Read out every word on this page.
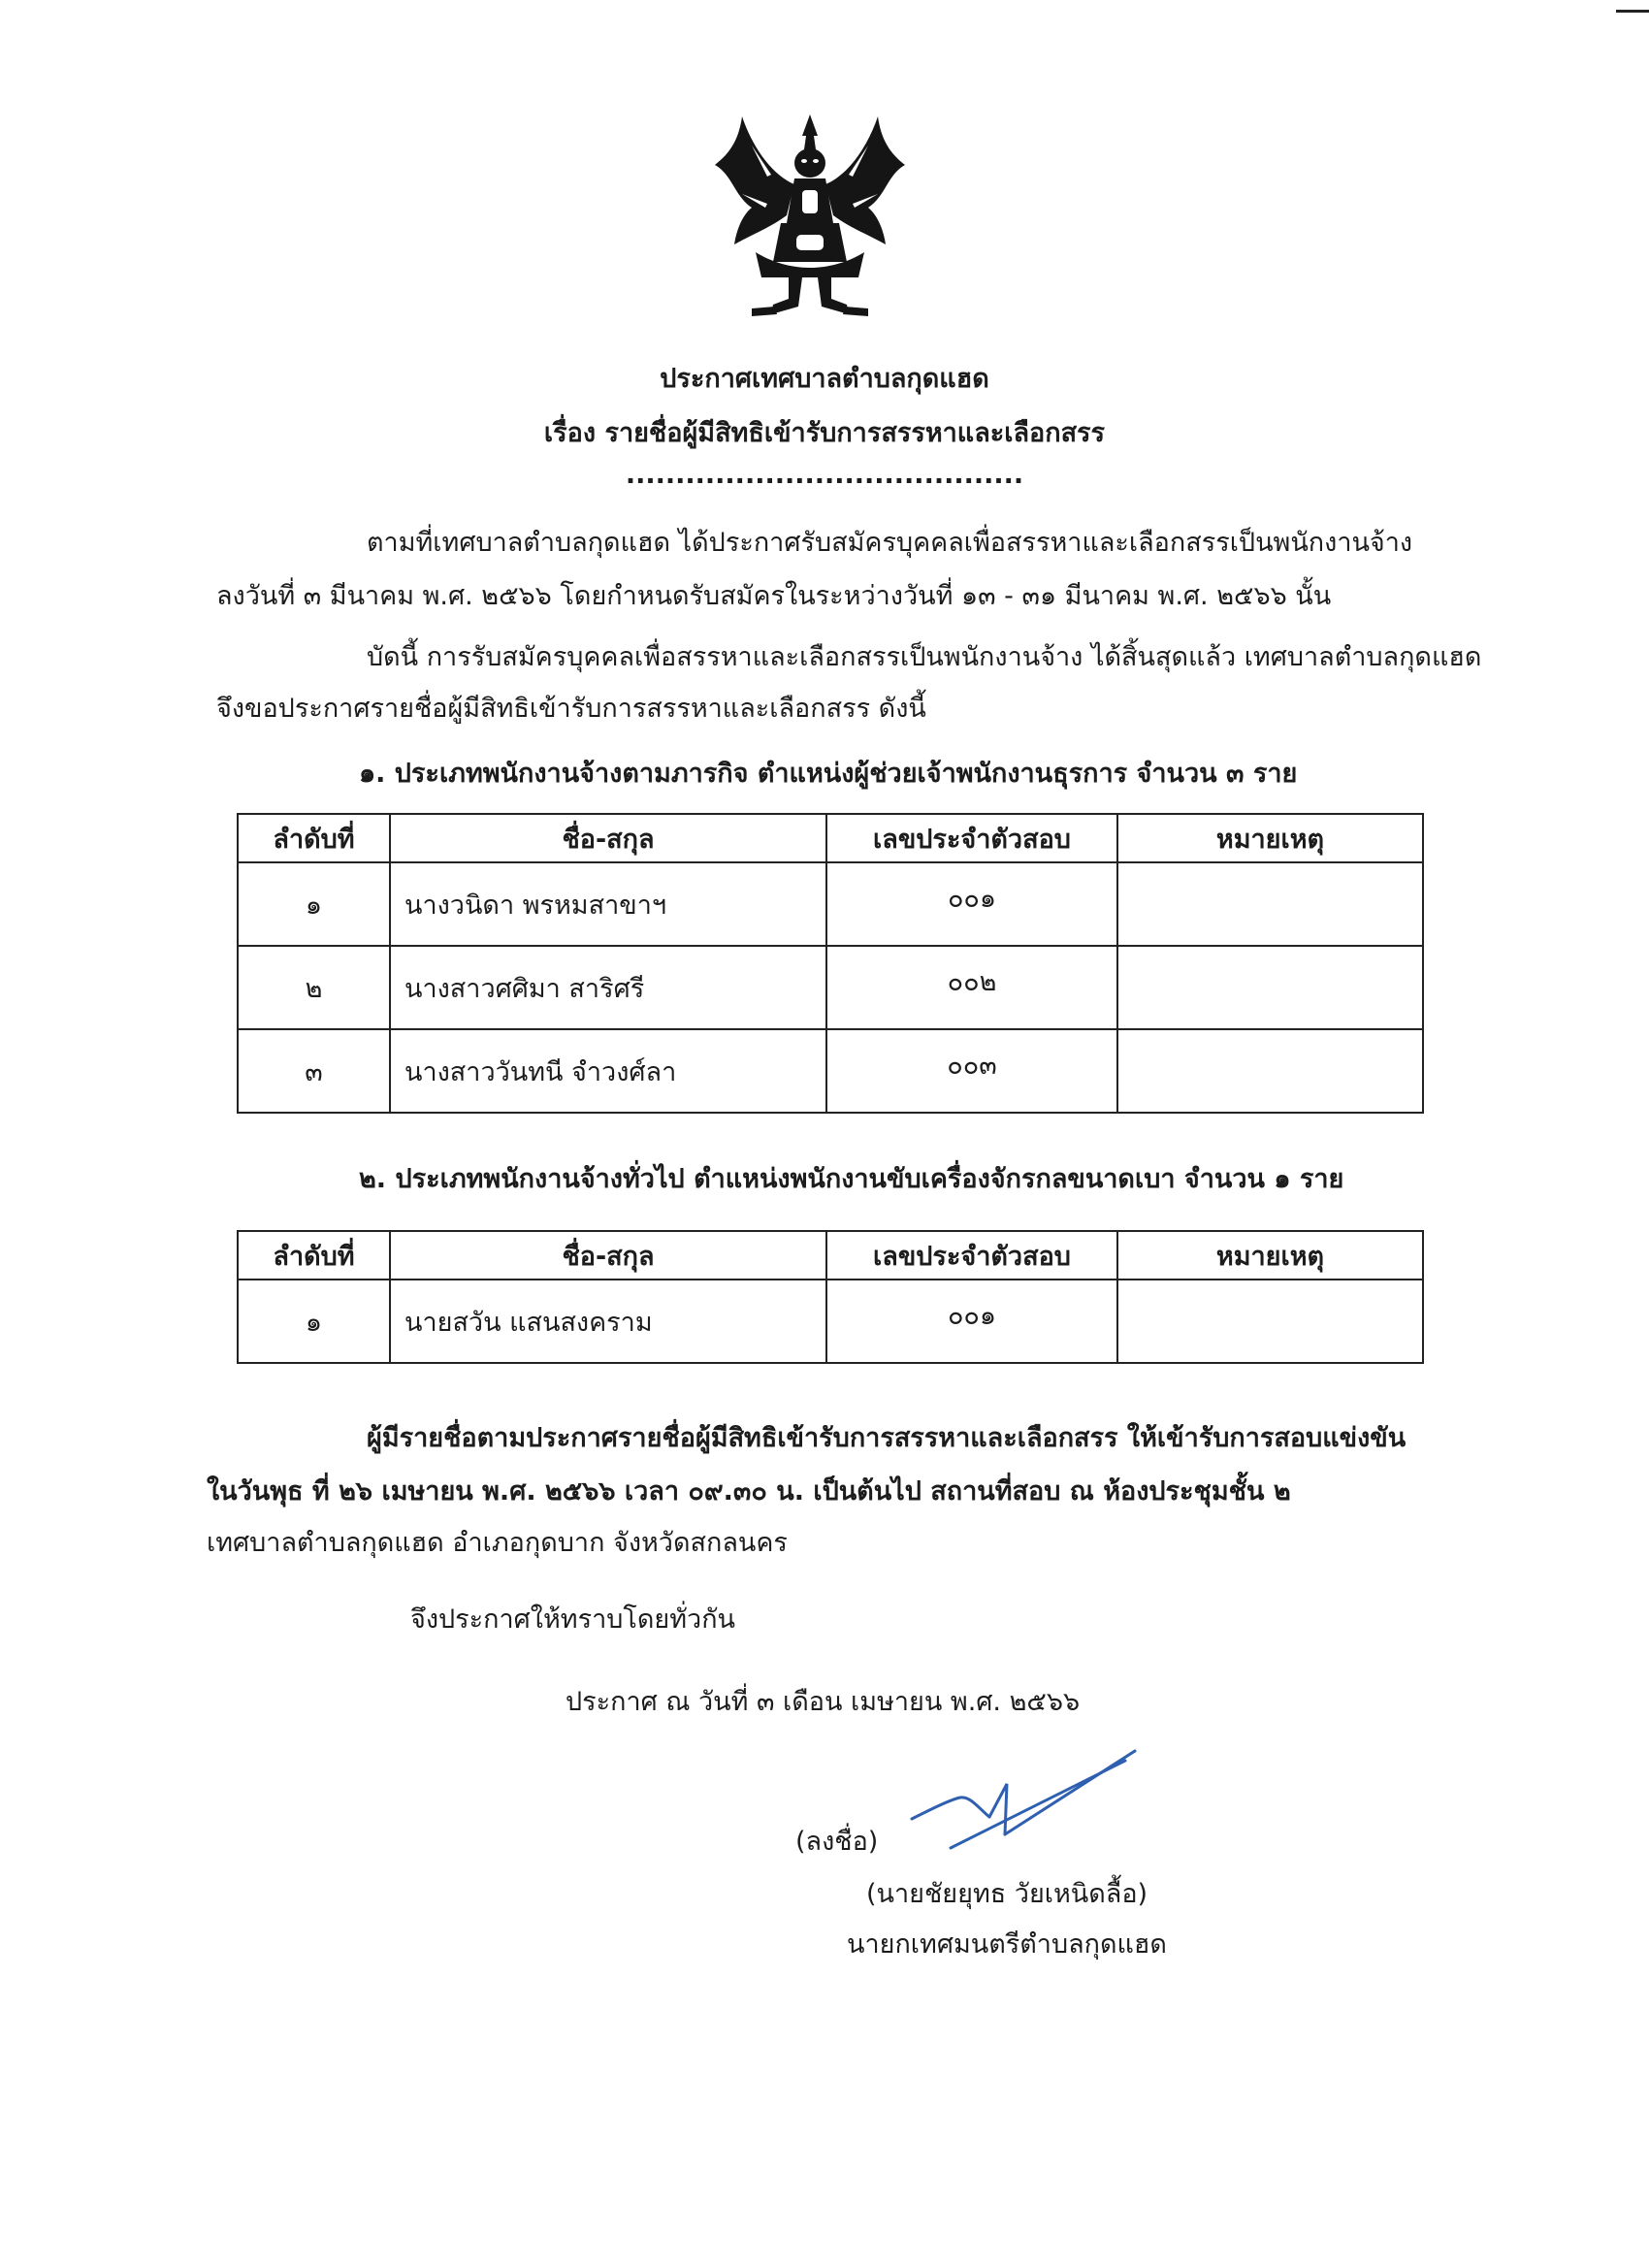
ประกาศเทศบาลตำบลกุดแฮด
เรื่อง รายชื่อผู้มีสิทธิเข้ารับการสรรหาและเลือกสรร
........................................
ตามที่เทศบาลตำบลกุดแฮด ได้ประกาศรับสมัครบุคคลเพื่อสรรหาและเลือกสรรเป็นพนักงานจ้าง
ลงวันที่ ๓ มีนาคม พ.ศ. ๒๕๖๖ โดยกำหนดรับสมัครในระหว่างวันที่ ๑๓ - ๓๑ มีนาคม พ.ศ. ๒๕๖๖ นั้น
บัดนี้ การรับสมัครบุคคลเพื่อสรรหาและเลือกสรรเป็นพนักงานจ้าง ได้สิ้นสุดแล้ว เทศบาลตำบลกุดแฮด
จึงขอประกาศรายชื่อผู้มีสิทธิเข้ารับการสรรหาและเลือกสรร ดังนี้
๑. ประเภทพนักงานจ้างตามภารกิจ ตำแหน่งผู้ช่วยเจ้าพนักงานธุรการ จำนวน ๓ ราย
ลำดับที่	ชื่อ-สกุล	เลขประจำตัวสอบ	หมายเหตุ
๑	นางวนิดา พรหมสาขาฯ	๐๐๑	
๒	นางสาวศศิมา สาริศรี	๐๐๒	
๓	นางสาววันทนี จำวงศ์ลา	๐๐๓	
๒. ประเภทพนักงานจ้างทั่วไป ตำแหน่งพนักงานขับเครื่องจักรกลขนาดเบา จำนวน ๑ ราย
ลำดับที่	ชื่อ-สกุล	เลขประจำตัวสอบ	หมายเหตุ
๑	นายสวัน แสนสงคราม	๐๐๑	
ผู้มีรายชื่อตามประกาศรายชื่อผู้มีสิทธิเข้ารับการสรรหาและเลือกสรร ให้เข้ารับการสอบแข่งขัน
ในวันพุธ ที่ ๒๖ เมษายน พ.ศ. ๒๕๖๖ เวลา ๐๙.๓๐ น. เป็นต้นไป สถานที่สอบ ณ ห้องประชุมชั้น ๒
เทศบาลตำบลกุดแฮด อำเภอกุดบาก จังหวัดสกลนคร
จึงประกาศให้ทราบโดยทั่วกัน
ประกาศ ณ วันที่ ๓ เดือน เมษายน พ.ศ. ๒๕๖๖
(ลงชื่อ)
(นายชัยยุทธ วัยเหนิดลื้อ)
นายกเทศมนตรีตำบลกุดแฮด
